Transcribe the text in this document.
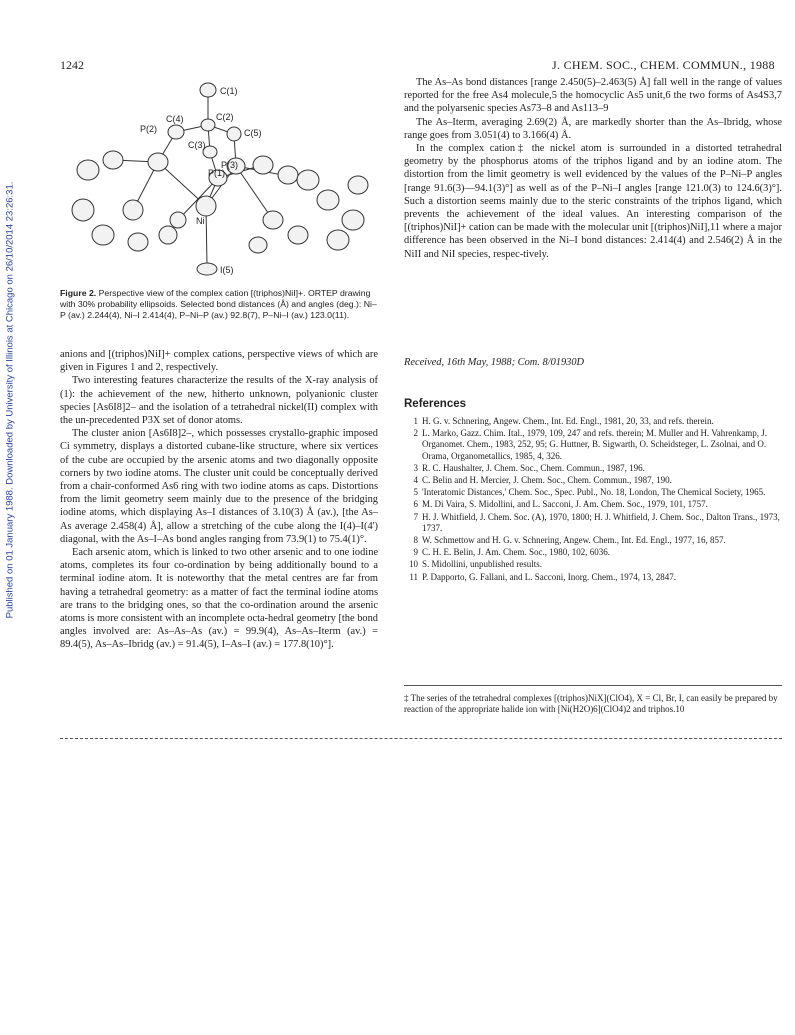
1242	J. CHEM. SOC., CHEM. COMMUN., 1988
Published on 01 January 1988. Downloaded by University of Illinois at Chicago on 26/10/2014 23:26:31.
C(1)
C(2)
C(4)
P(2)	C(5)
C(3)
P(1)
P(3)
Ni
I(5)
Figure 2. Perspective view of the complex cation [(triphos)NiI]+. ORTEP drawing with 30% probability ellipsoids. Selected bond distances (Å) and angles (deg.): Ni–P (av.) 2.244(4), Ni–I 2.414(4), P–Ni–P (av.) 92.8(7), P–Ni–I (av.) 123.0(11).

anions and [(triphos)NiI]+ complex cations, perspective views of which are given in Figures 1 and 2, respectively.

Two interesting features characterize the results of the X-ray analysis of (1): the achievement of the new, hitherto unknown, polyanionic cluster species [As6I8]2– and the isolation of a tetrahedral nickel(II) complex with the un-precedented P3X set of donor atoms.

The cluster anion [As6I8]2–, which possesses crystallo-graphic imposed Ci symmetry, displays a distorted cubane-like structure, where six vertices of the cube are occupied by the arsenic atoms and two diagonally opposite corners by two iodine atoms. The cluster unit could be conceptually derived from a chair-conformed As6 ring with two iodine atoms as caps. Distortions from the limit geometry seem mainly due to the presence of the bridging iodine atoms, which displaying As–I distances of 3.10(3) Å (av.), [the As–As average 2.458(4) Å], allow a stretching of the cube along the I(4)–I(4') diagonal, with the As–I–As bond angles ranging from 73.9(1) to 75.4(1)°.

Each arsenic atom, which is linked to two other arsenic and to one iodine atoms, completes its four co-ordination by being additionally bound to a terminal iodine atom. It is noteworthy that the metal centres are far from having a tetrahedral geometry: as a matter of fact the terminal iodine atoms are trans to the bridging ones, so that the co-ordination around the arsenic atoms is more consistent with an incomplete octa-hedral geometry [the bond angles involved are: As–As–As (av.) = 99.9(4), As–As–Iterm (av.) = 89.4(5), As–As–Ibridg (av.) = 91.4(5), I–As–I (av.) = 177.8(10)°].

The As–As bond distances [range 2.450(5)–2.463(5) Å] fall well in the range of values reported for the free As4 molecule,5 the homocyclic As5 unit,6 the two forms of As4S3,7 and the polyarsenic species As73–8 and As113–9

The As–Iterm, averaging 2.69(2) Å, are markedly shorter than the As–Ibridg, whose range goes from 3.051(4) to 3.166(4) Å.

In the complex cation‡ the nickel atom is surrounded in a distorted tetrahedral geometry by the phosphorus atoms of the triphos ligand and by an iodine atom. The distortion from the limit geometry is well evidenced by the values of the P–Ni–P angles [range 91.6(3)—94.1(3)°] as well as of the P–Ni–I angles [range 121.0(3) to 124.6(3)°]. Such a distortion seems mainly due to the steric constraints of the triphos ligand, which prevents the achievement of the ideal values. An interesting comparison of the [(triphos)NiI]+ cation can be made with the molecular unit [(triphos)NiI],11 where a major difference has been observed in the Ni–I bond distances: 2.414(4) and 2.546(2) Å in the NiII and NiI species, respec-tively.

Received, 16th May, 1988; Com. 8/01930D
References
1 H. G. v. Schnering, Angew. Chem., Int. Ed. Engl., 1981, 20, 33, and refs. therein.
2 L. Marko, Gazz. Chim. Ital., 1979, 109, 247 and refs. therein; M. Muller and H. Vahrenkamp, J. Organomet. Chem., 1983, 252, 95; G. Huttner, B. Sigwarth, O. Scheidsteger, L. Zsolnai, and O. Orama, Organometallics, 1985, 4, 326.
3 R. C. Haushalter, J. Chem. Soc., Chem. Commun., 1987, 196.
4 C. Belin and H. Mercier, J. Chem. Soc., Chem. Commun., 1987, 190.
5 'Interatomic Distances,' Chem. Soc., Spec. Publ., No. 18, London, The Chemical Society, 1965.
6 M. Di Vaira, S. Midollini, and L. Sacconi, J. Am. Chem. Soc., 1979, 101, 1757.
7 H. J. Whitfield, J. Chem. Soc. (A), 1970, 1800; H. J. Whitfield, J. Chem. Soc., Dalton Trans., 1973, 1737.
8 W. Schmettow and H. G. v. Schnering, Angew. Chem., Int. Ed. Engl., 1977, 16, 857.
9 C. H. E. Belin, J. Am. Chem. Soc., 1980, 102, 6036.
10 S. Midollini, unpublished results.
11 P. Dapporto, G. Fallani, and L. Sacconi, Inorg. Chem., 1974, 13, 2847.
‡ The series of the tetrahedral complexes [(triphos)NiX](ClO4), X = Cl, Br, I, can easily be prepared by reaction of the appropriate halide ion with [Ni(H2O)6](ClO4)2 and triphos.10
